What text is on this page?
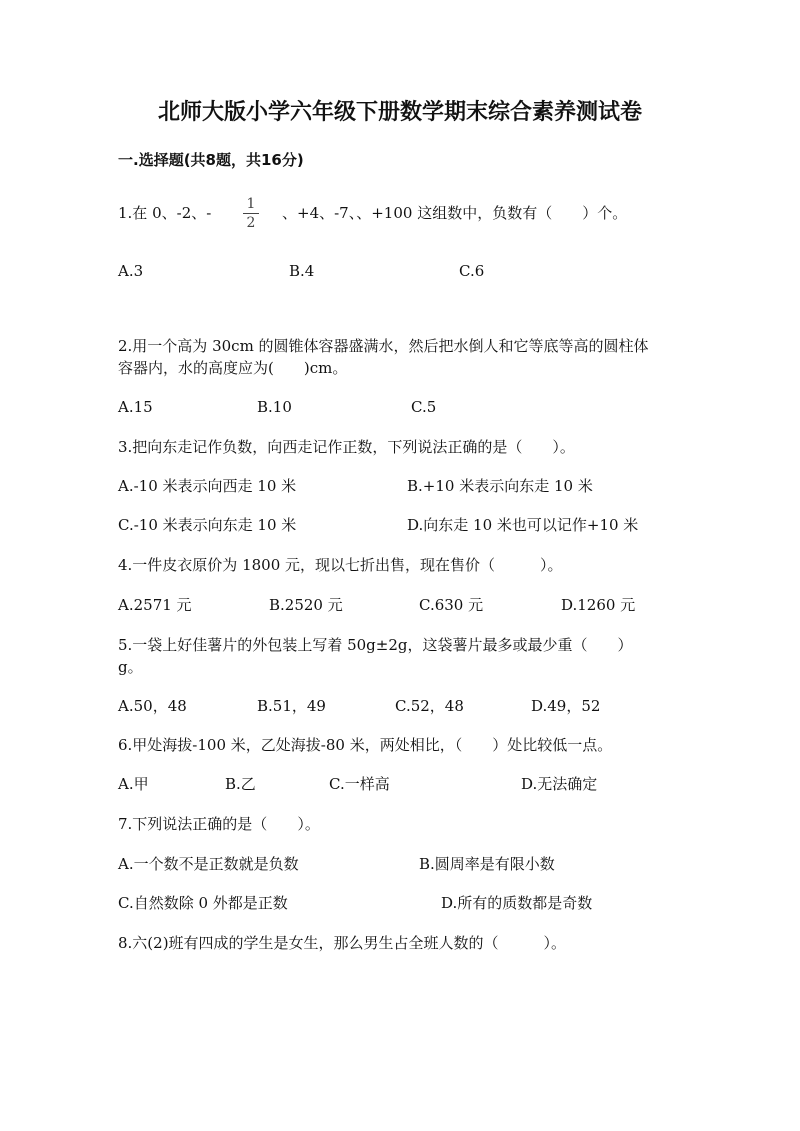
北师大版小学六年级下册数学期末综合素养测试卷
一.选择题(共8题，共16分)
1.在 0、-2、-	1
2
、+4、-7、、+100 这组数中，负数有（　　）个。
A.3	B.4	C.6
2.用一个高为 30cm 的圆锥体容器盛满水，然后把水倒人和它等底等高的圆柱体
容器内，水的高度应为(　　)cm。
A.15	B.10	C.5
3.把向东走记作负数，向西走记作正数，下列说法正确的是（　　）。
A.-10 米表示向西走 10 米	B.+10 米表示向东走 10 米
C.-10 米表示向东走 10 米	D.向东走 10 米也可以记作+10 米
4.一件皮衣原价为 1800 元，现以七折出售，现在售价（　　　）。
A.2571 元	B.2520 元	C.630 元	D.1260 元
5.一袋上好佳薯片的外包装上写着 50g±2g，这袋薯片最多或最少重（　　）
g。
A.50，48	B.51，49	C.52，48	D.49，52
6.甲处海拔-100 米，乙处海拔-80 米，两处相比，（　　）处比较低一点。
A.甲	B.乙	C.一样高	D.无法确定
7.下列说法正确的是（　　）。
A.一个数不是正数就是负数	B.圆周率是有限小数
C.自然数除 0 外都是正数	D.所有的质数都是奇数
8.六(2)班有四成的学生是女生，那么男生占全班人数的（　　　）。
